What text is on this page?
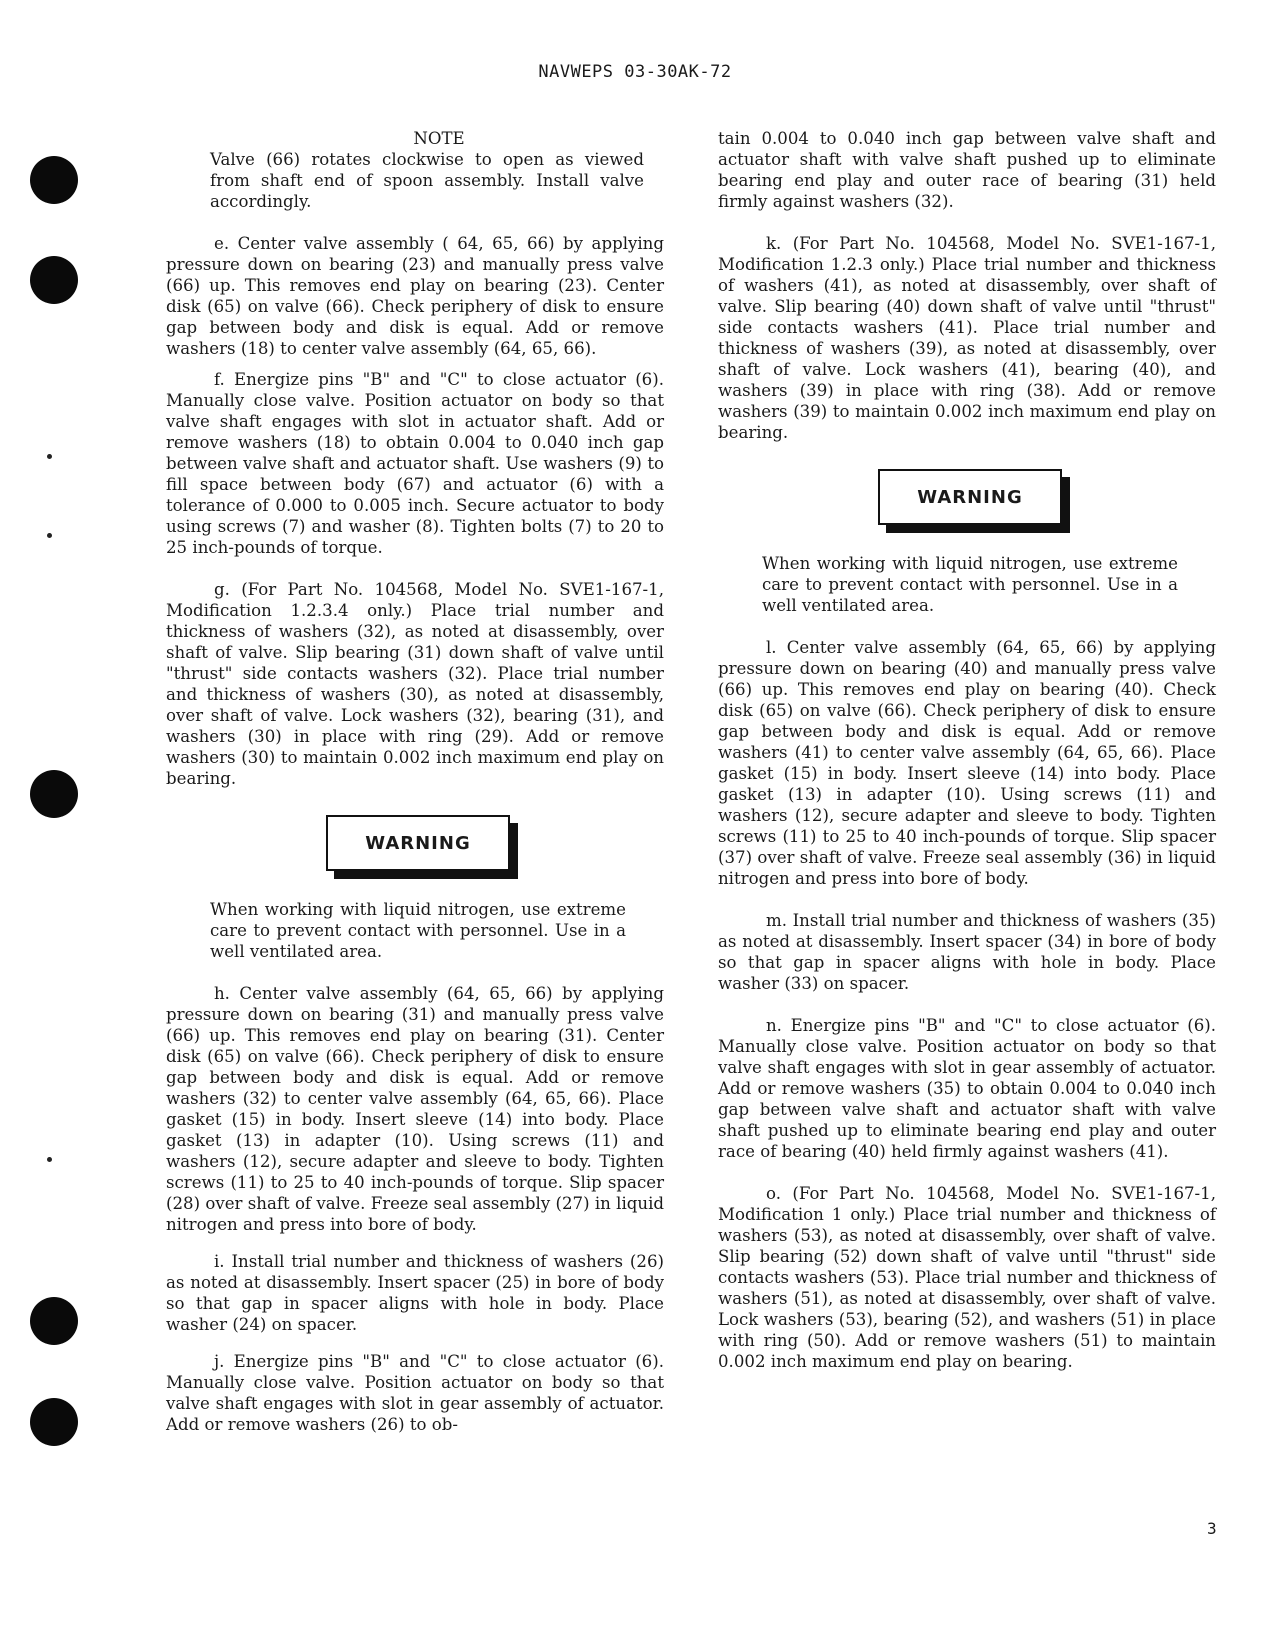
NAVWEPS 03-30AK-72

NOTE

Valve (66) rotates clockwise to open as viewed from shaft end of spoon assembly. Install valve accordingly.

e. Center valve assembly ( 64, 65, 66) by applying pressure down on bearing (23) and manually press valve (66) up. This removes end play on bearing (23). Center disk (65) on valve (66). Check periphery of disk to ensure gap between body and disk is equal. Add or remove washers (18) to center valve assembly (64, 65, 66).

f. Energize pins "B" and "C" to close actuator (6). Manually close valve. Position actuator on body so that valve shaft engages with slot in actuator shaft. Add or remove washers (18) to obtain 0.004 to 0.040 inch gap between valve shaft and actuator shaft. Use washers (9) to fill space between body (67) and actuator (6) with a tolerance of 0.000 to 0.005 inch. Secure actuator to body using screws (7) and washer (8). Tighten bolts (7) to 20 to 25 inch-pounds of torque.

g. (For Part No. 104568, Model No. SVE1-167-1, Modification 1.2.3.4 only.) Place trial number and thickness of washers (32), as noted at disassembly, over shaft of valve. Slip bearing (31) down shaft of valve until "thrust" side contacts washers (32). Place trial number and thickness of washers (30), as noted at disassembly, over shaft of valve. Lock washers (32), bearing (31), and washers (30) in place with ring (29). Add or remove washers (30) to maintain 0.002 inch maximum end play on bearing.

WARNING

When working with liquid nitrogen, use extreme care to prevent contact with personnel. Use in a well ventilated area.

h. Center valve assembly (64, 65, 66) by applying pressure down on bearing (31) and manually press valve (66) up. This removes end play on bearing (31). Center disk (65) on valve (66). Check periphery of disk to ensure gap between body and disk is equal. Add or remove washers (32) to center valve assembly (64, 65, 66). Place gasket (15) in body. Insert sleeve (14) into body. Place gasket (13) in adapter (10). Using screws (11) and washers (12), secure adapter and sleeve to body. Tighten screws (11) to 25 to 40 inch-pounds of torque. Slip spacer (28) over shaft of valve. Freeze seal assembly (27) in liquid nitrogen and press into bore of body.

i. Install trial number and thickness of washers (26) as noted at disassembly. Insert spacer (25) in bore of body so that gap in spacer aligns with hole in body. Place washer (24) on spacer.

j. Energize pins "B" and "C" to close actuator (6). Manually close valve. Position actuator on body so that valve shaft engages with slot in gear assembly of actuator. Add or remove washers (26) to ob-

tain 0.004 to 0.040 inch gap between valve shaft and actuator shaft with valve shaft pushed up to eliminate bearing end play and outer race of bearing (31) held firmly against washers (32).

k. (For Part No. 104568, Model No. SVE1-167-1, Modification 1.2.3 only.) Place trial number and thickness of washers (41), as noted at disassembly, over shaft of valve. Slip bearing (40) down shaft of valve until "thrust" side contacts washers (41). Place trial number and thickness of washers (39), as noted at disassembly, over shaft of valve. Lock washers (41), bearing (40), and washers (39) in place with ring (38). Add or remove washers (39) to maintain 0.002 inch maximum end play on bearing.

WARNING

When working with liquid nitrogen, use extreme care to prevent contact with personnel. Use in a well ventilated area.

l. Center valve assembly (64, 65, 66) by applying pressure down on bearing (40) and manually press valve (66) up. This removes end play on bearing (40). Check disk (65) on valve (66). Check periphery of disk to ensure gap between body and disk is equal. Add or remove washers (41) to center valve assembly (64, 65, 66). Place gasket (15) in body. Insert sleeve (14) into body. Place gasket (13) in adapter (10). Using screws (11) and washers (12), secure adapter and sleeve to body. Tighten screws (11) to 25 to 40 inch-pounds of torque. Slip spacer (37) over shaft of valve. Freeze seal assembly (36) in liquid nitrogen and press into bore of body.

m. Install trial number and thickness of washers (35) as noted at disassembly. Insert spacer (34) in bore of body so that gap in spacer aligns with hole in body. Place washer (33) on spacer.

n. Energize pins "B" and "C" to close actuator (6). Manually close valve. Position actuator on body so that valve shaft engages with slot in gear assembly of actuator. Add or remove washers (35) to obtain 0.004 to 0.040 inch gap between valve shaft and actuator shaft with valve shaft pushed up to eliminate bearing end play and outer race of bearing (40) held firmly against washers (41).

o. (For Part No. 104568, Model No. SVE1-167-1, Modification 1 only.) Place trial number and thickness of washers (53), as noted at disassembly, over shaft of valve. Slip bearing (52) down shaft of valve until "thrust" side contacts washers (53). Place trial number and thickness of washers (51), as noted at disassembly, over shaft of valve. Lock washers (53), bearing (52), and washers (51) in place with ring (50). Add or remove washers (51) to maintain 0.002 inch maximum end play on bearing.

3
